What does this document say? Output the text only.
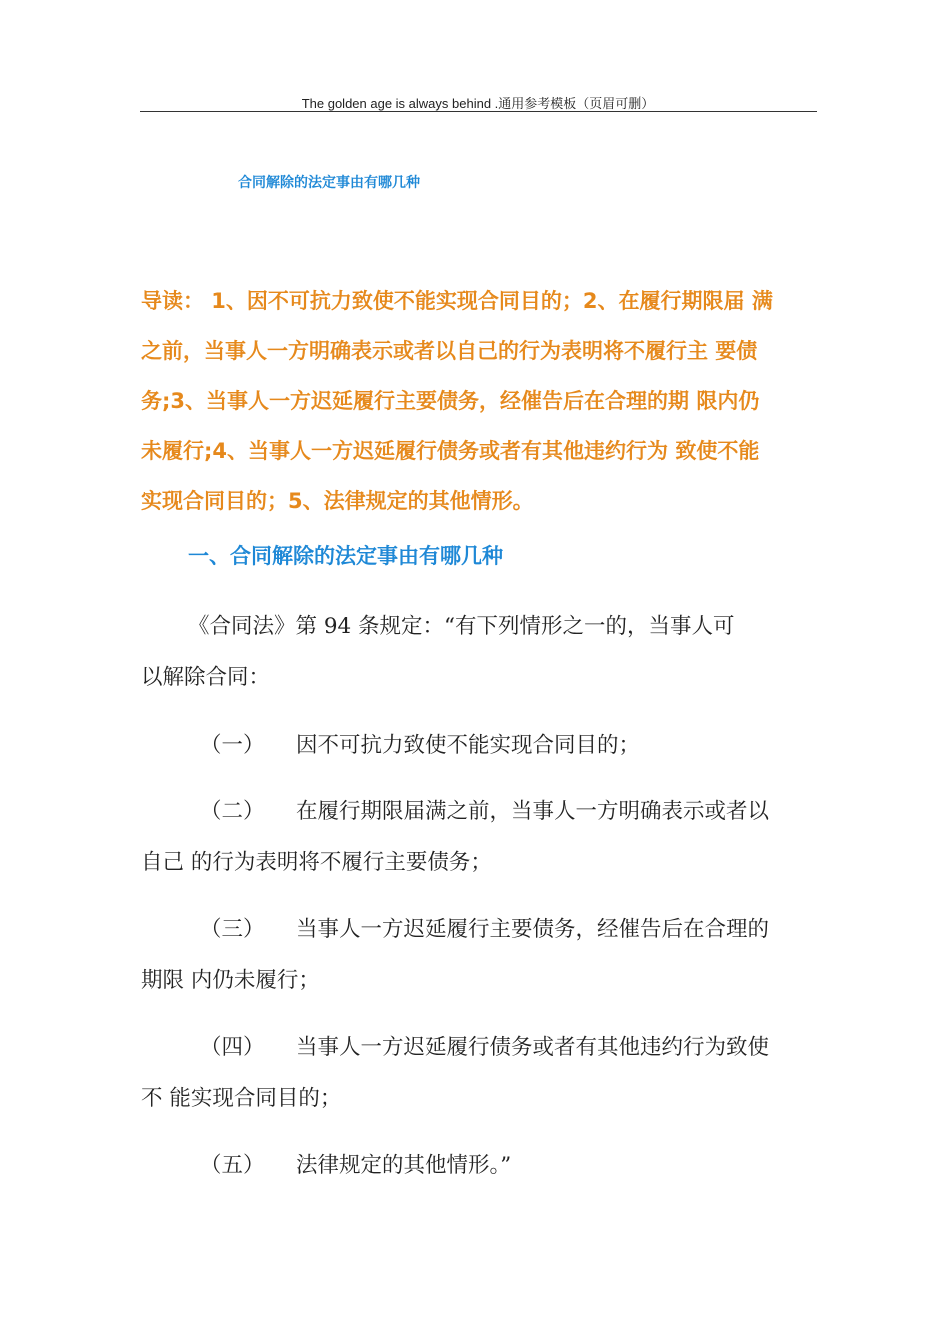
The golden age is always behind .通用参考模板（页眉可删）
合同解除的法定事由有哪几种
导读： 1、因不可抗力致使不能实现合同目的；2、在履行期限届 满
之前，当事人一方明确表示或者以自己的行为表明将不履行主 要债
务;3、当事人一方迟延履行主要债务，经催告后在合理的期 限内仍
未履行;4、当事人一方迟延履行债务或者有其他违约行为 致使不能
实现合同目的；5、法律规定的其他情形。
一、合同解除的法定事由有哪几种
《合同法》第 94 条规定：“有下列情形之一的，当事人可
以解除合同：
（一） 因不可抗力致使不能实现合同目的；
（二） 在履行期限届满之前，当事人一方明确表示或者以
自己 的行为表明将不履行主要债务；
（三） 当事人一方迟延履行主要债务，经催告后在合理的
期限 内仍未履行；
（四） 当事人一方迟延履行债务或者有其他违约行为致使
不 能实现合同目的；
（五） 法律规定的其他情形。”
